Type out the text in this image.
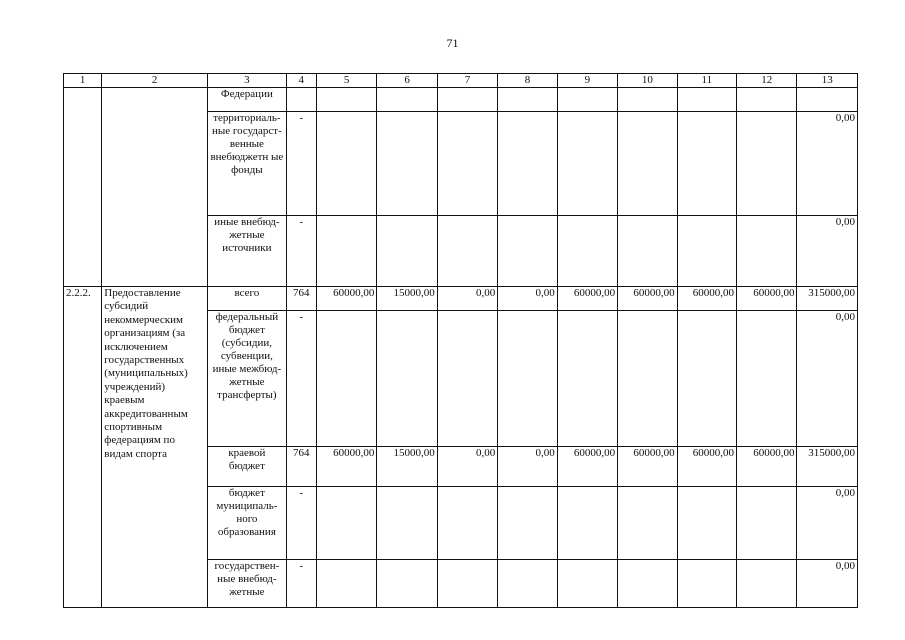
71
1	2	3	4	5	6	7	8	9	10	11	12	13
		Федерации										
		территориаль-ные государст-венные внебюджетн ые фонды	-									0,00
		иные внебюд-жетные источники	-									0,00
2.2.2.	Предоставление субсидий некоммерческим организациям (за исключением государственных (муниципальных) учреждений) краевым аккредитованным спортивным федерациям по видам спорта	всего	764	60000,00	15000,00	0,00	0,00	60000,00	60000,00	60000,00	60000,00	315000,00
		федеральный бюджет (субсидии, субвенции, иные межбюд-жетные трансферты)	-									0,00
		краевой бюджет	764	60000,00	15000,00	0,00	0,00	60000,00	60000,00	60000,00	60000,00	315000,00
		бюджет муниципаль-ного образования	-									0,00
		государствен-ные внебюд-жетные	-									0,00
